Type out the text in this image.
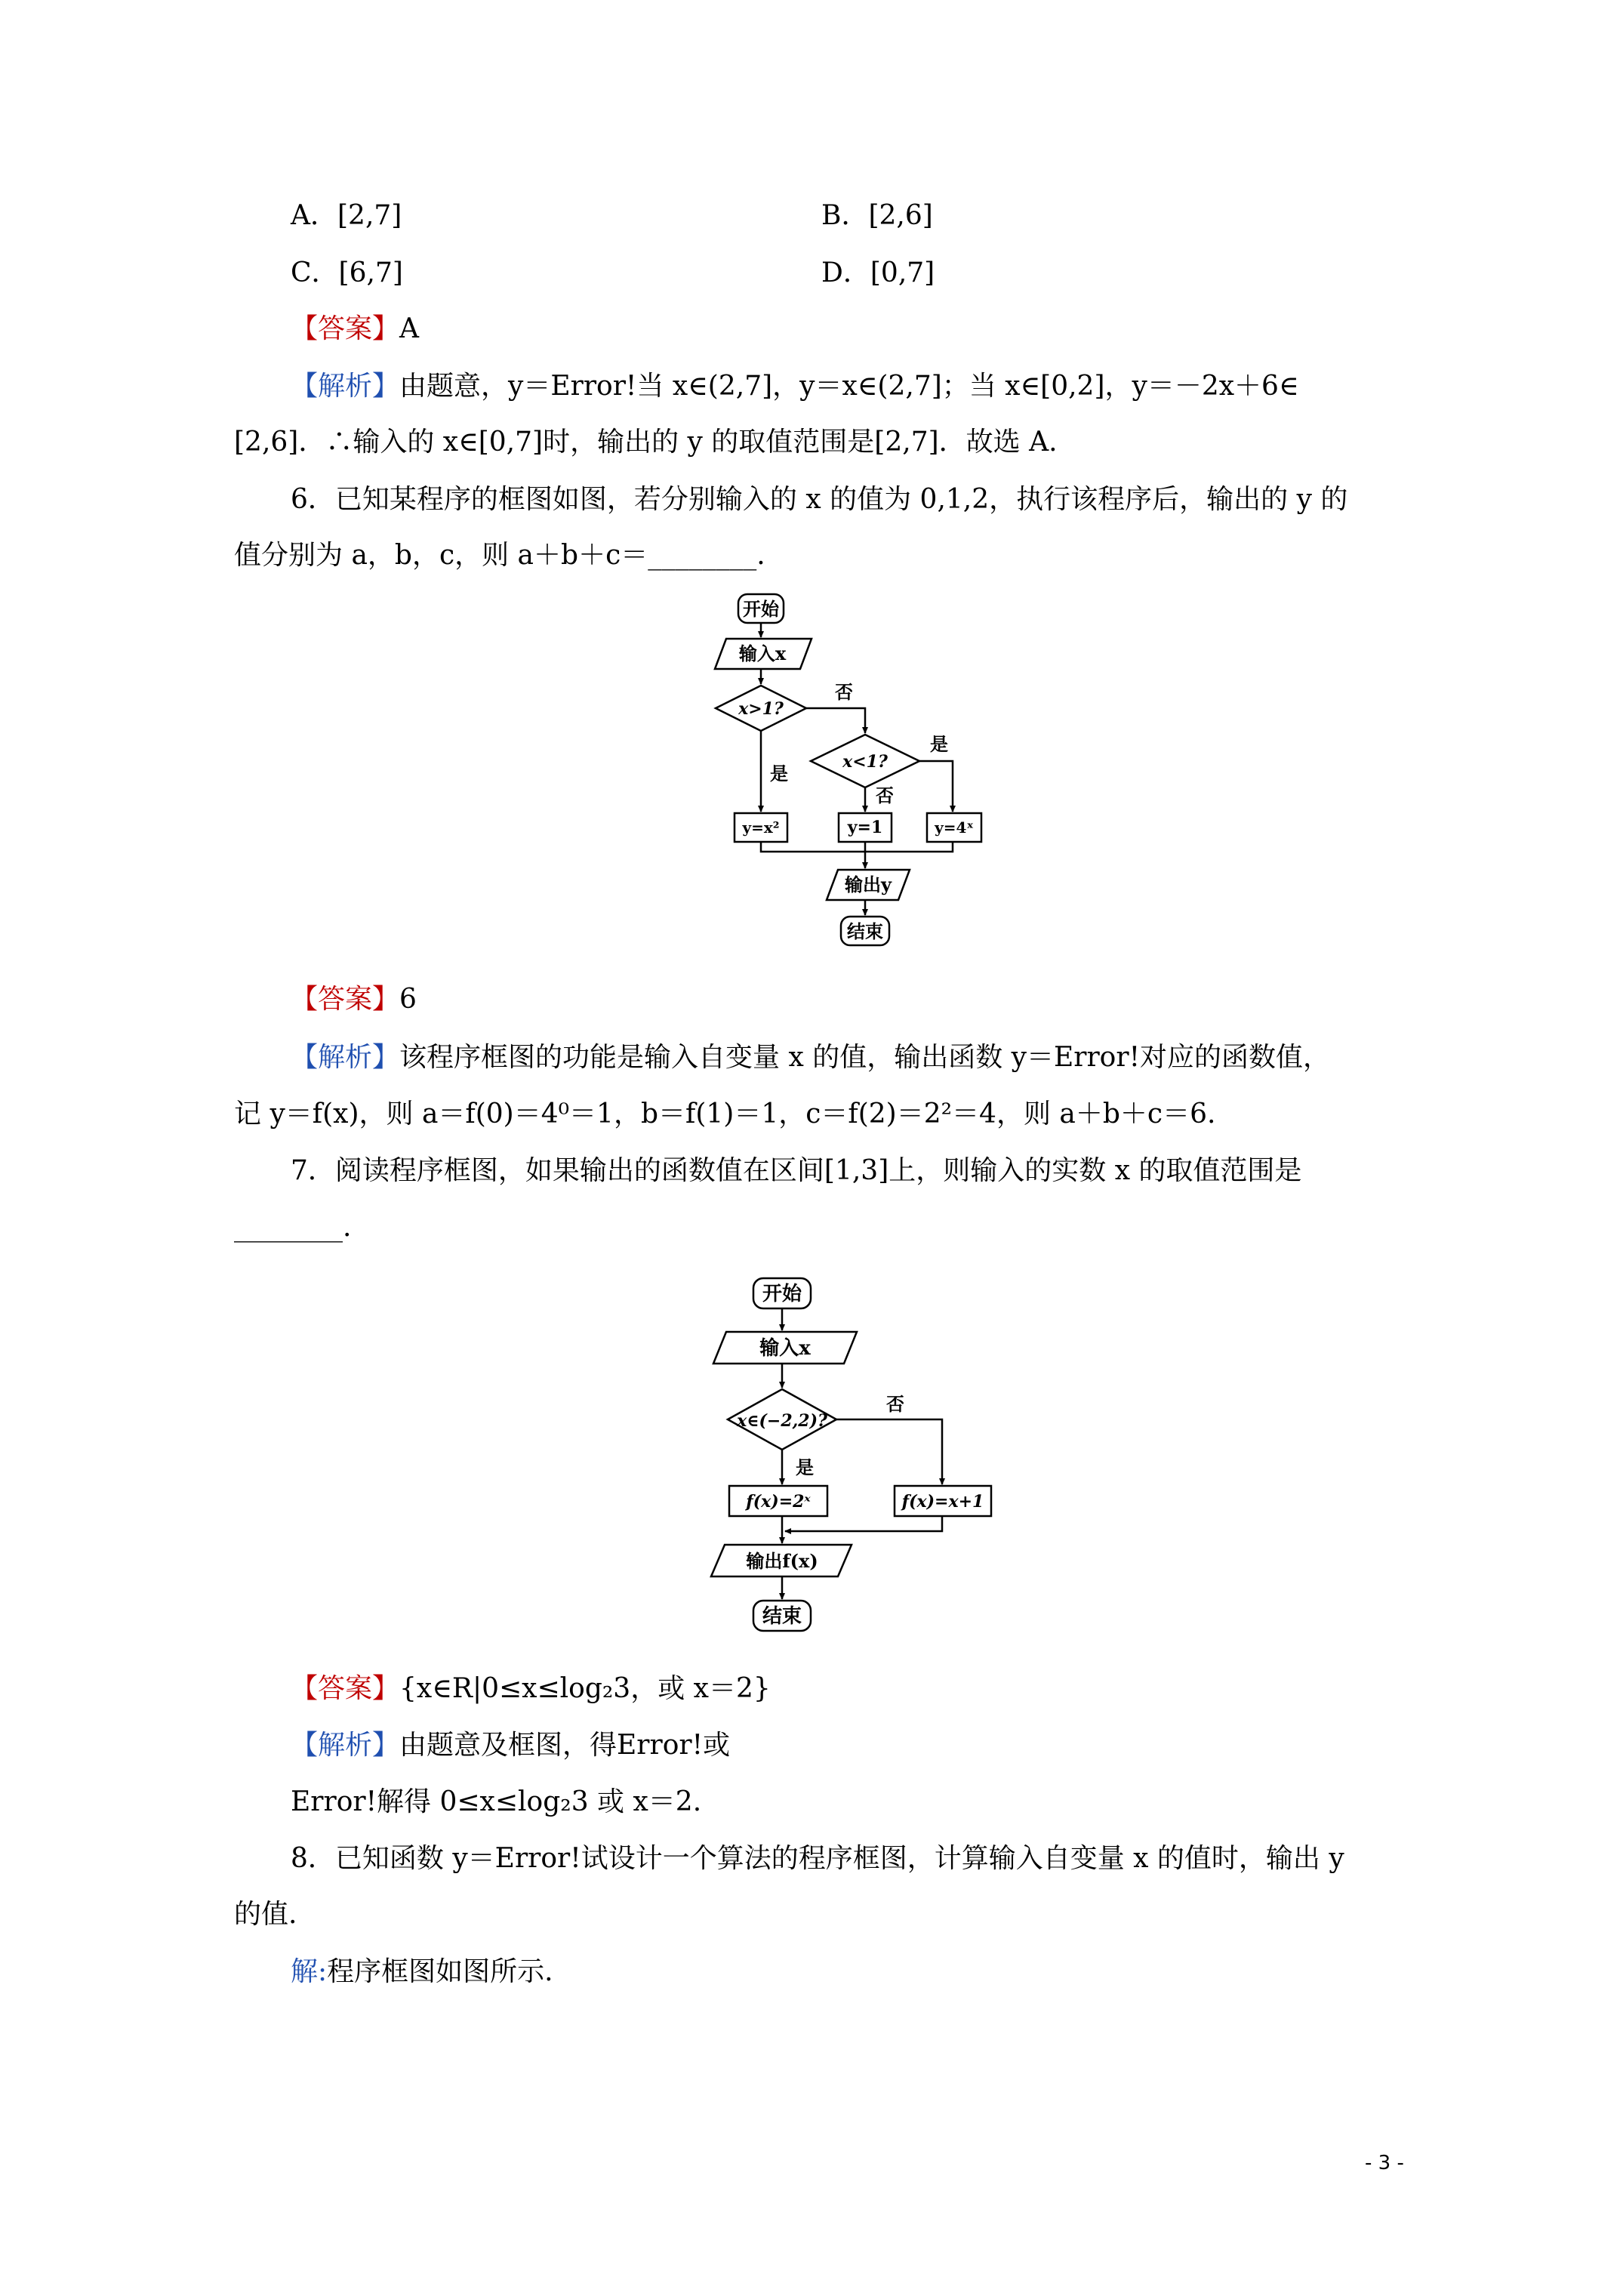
A．[2,7]	B．[2,6]
C．[6,7]	D．[0,7]
【答案】A
【解析】由题意，y＝Error!当 x∈(2,7]，y＝x∈(2,7]；当 x∈[0,2]，y＝－2x＋6∈
[2,6]．∴输入的 x∈[0,7]时，输出的 y 的取值范围是[2,7]．故选 A.
6．已知某程序的框图如图，若分别输入的 x 的值为 0,1,2，执行该程序后，输出的 y 的
值分别为 a，b，c，则 a＋b＋c＝________.
开始
输入x
x>1?
x<1?
否
是
是
否
y=x²	y=1	y=4ˣ
输出y
结束
【答案】6
【解析】该程序框图的功能是输入自变量 x 的值，输出函数 y＝Error!对应的函数值，
记 y＝f(x)，则 a＝f(0)＝4⁰＝1，b＝f(1)＝1，c＝f(2)＝2²＝4，则 a＋b＋c＝6.
7．阅读程序框图，如果输出的函数值在区间[1,3]上，则输入的实数 x 的取值范围是
________.
开始
输入x
x∈(−2,2)?
否
是
f(x)=2ˣ	f(x)=x+1
输出f(x)
结束
【答案】{x∈R|0≤x≤log₂3，或 x＝2}
【解析】由题意及框图，得Error!或
Error!解得 0≤x≤log₂3 或 x＝2.
8．已知函数 y＝Error!试设计一个算法的程序框图，计算输入自变量 x 的值时，输出 y
的值.
解:程序框图如图所示.
- 3 -
